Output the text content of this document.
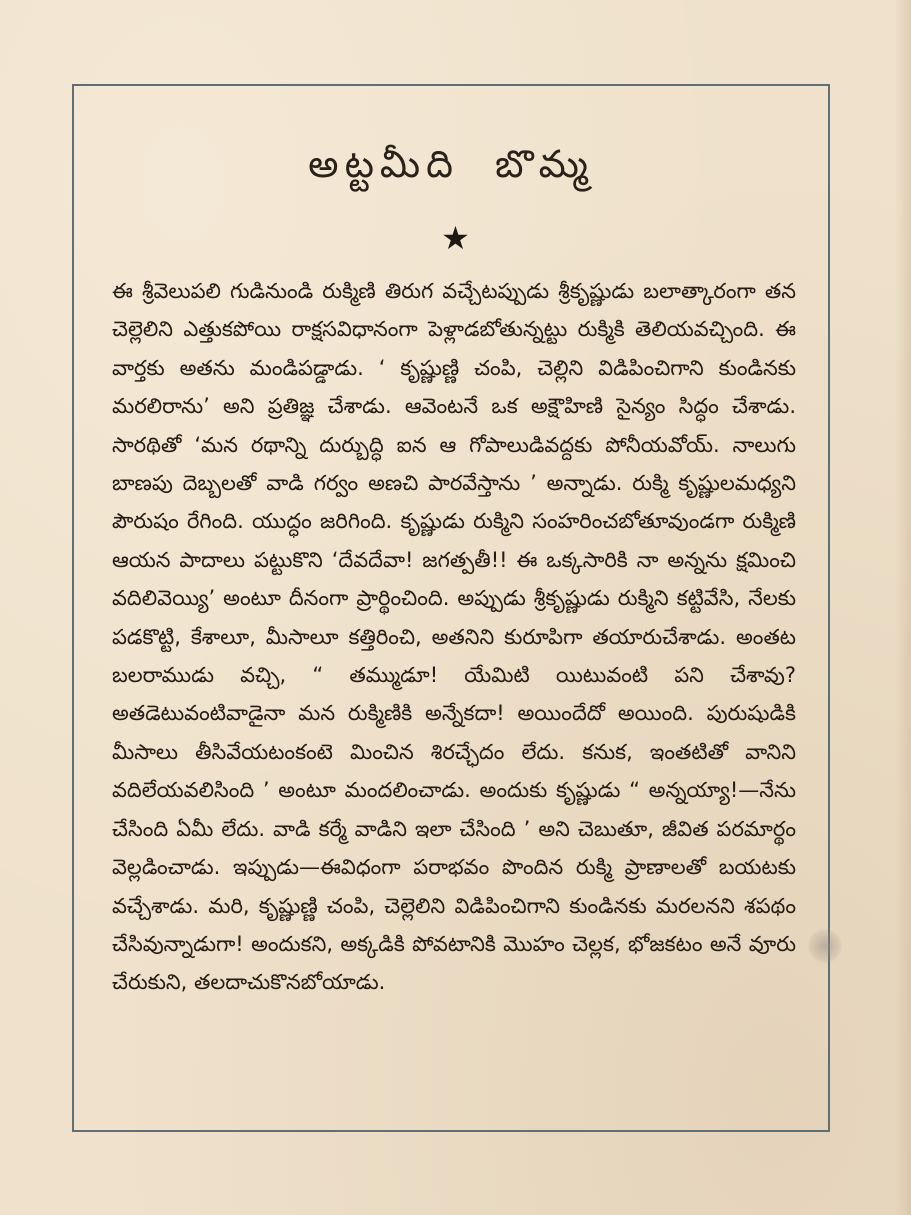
అట్టమీది బొమ్మ
★

ఈ శ్రీవెలుపలి గుడినుండి రుక్మిణి తిరుగ వచ్చేటప్పుడు శ్రీకృష్ణుడు బలాత్కారంగా తన చెల్లెలిని ఎత్తుకపోయి రాక్షసవిధానంగా పెళ్లాడబోతున్నట్టు రుక్మికి తెలియవచ్చింది. ఈ వార్తకు అతను మండిపడ్డాడు. ‘ కృష్ణుణ్ణి చంపి, చెల్లిని విడిపించిగాని కుండినకు మరలిరాను’ అని ప్రతిజ్ఞ చేశాడు. ఆవెంటనే ఒక అక్షౌహిణి సైన్యం సిద్ధం చేశాడు. సారథితో ‘మన రథాన్ని దుర్బుద్ధి ఐన ఆ గోపాలుడివద్దకు పోనీయవోయ్. నాలుగు బాణపు దెబ్బలతో వాడి గర్వం అణచి పారవేస్తాను ’ అన్నాడు. రుక్మి కృష్ణులమధ్యని పౌరుషం రేగింది. యుద్ధం జరిగింది. కృష్ణుడు రుక్మిని సంహరించబోతూవుండగా రుక్మిణి ఆయన పాదాలు పట్టుకొని ‘దేవదేవా! జగత్పతీ!! ఈ ఒక్కసారికి నా అన్నను క్షమించి వదిలివెయ్యి’ అంటూ దీనంగా ప్రార్థించింది. అప్పుడు శ్రీకృష్ణుడు రుక్మిని కట్టివేసి, నేలకు పడకొట్టి, కేశాలూ, మీసాలూ కత్తిరించి, అతనిని కురూపిగా తయారుచేశాడు. అంతట బలరాముడు వచ్చి, “ తమ్ముడూ! యేమిటి యిటువంటి పని చేశావు? అతడెటువంటివాడైనా మన రుక్మిణికి అన్నేకదా! అయిందేదో అయింది. పురుషుడికి మీసాలు తీసివేయటంకంటె మించిన శిరచ్ఛేదం లేదు. కనుక, ఇంతటితో వానిని వదిలేయవలిసింది ’ అంటూ మందలించాడు. అందుకు కృష్ణుడు “ అన్నయ్యా!—నేను చేసింది ఏమీ లేదు. వాడి కర్మే వాడిని ఇలా చేసింది ’ అని చెబుతూ, జీవిత పరమార్థం వెల్లడించాడు. ఇప్పుడు—ఈవిధంగా పరాభవం పొందిన రుక్మి ప్రాణాలతో బయటకు వచ్చేశాడు. మరి, కృష్ణుణ్ణి చంపి, చెల్లెలిని విడిపించిగాని కుండినకు మరలనని శపథం చేసివున్నాడుగా! అందుకని, అక్కడికి పోవటానికి మొహం చెల్లక, భోజకటం అనే వూరు చేరుకుని, తలదాచుకొనబోయాడు.
